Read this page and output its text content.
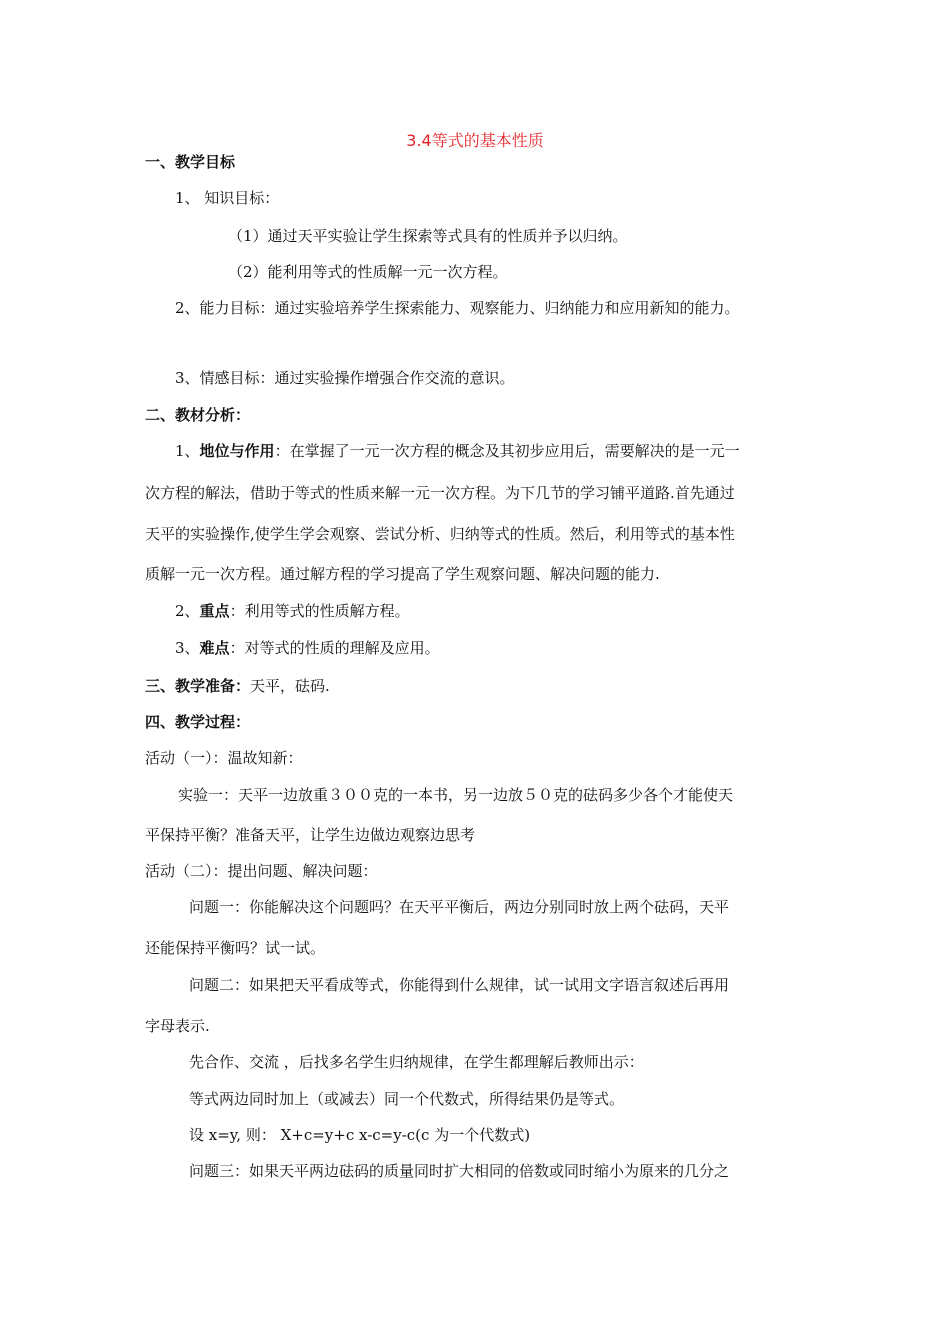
3.4等式的基本性质
一、教学目标
1、 知识目标：
（1）通过天平实验让学生探索等式具有的性质并予以归纳。
（2）能利用等式的性质解一元一次方程。
2、能力目标：通过实验培养学生探索能力、观察能力、归纳能力和应用新知的能力。
3、情感目标：通过实验操作增强合作交流的意识。
二、教材分析：
1、地位与作用：在掌握了一元一次方程的概念及其初步应用后，需要解决的是一元一
次方程的解法，借助于等式的性质来解一元一次方程。为下几节的学习铺平道路.首先通过
天平的实验操作,使学生学会观察、尝试分析、归纳等式的性质。然后，利用等式的基本性
质解一元一次方程。通过解方程的学习提高了学生观察问题、解决问题的能力.
2、重点：利用等式的性质解方程。
3、难点：对等式的性质的理解及应用。
三、教学准备：天平，砝码.
四、教学过程：
活动（一）：温故知新：
实验一：天平一边放重３００克的一本书，另一边放５０克的砝码多少各个才能使天
平保持平衡？准备天平，让学生边做边观察边思考
活动（二）：提出问题、解决问题：
问题一：你能解决这个问题吗？在天平平衡后，两边分别同时放上两个砝码，天平
还能保持平衡吗？试一试。
问题二：如果把天平看成等式，你能得到什么规律，试一试用文字语言叙述后再用
字母表示.
先合作、交流 ，后找多名学生归纳规律，在学生都理解后教师出示：
等式两边同时加上（或减去）同一个代数式，所得结果仍是等式。
设 x=y, 则： X+c=y+c x-c=y-c(c 为一个代数式)
问题三：如果天平两边砝码的质量同时扩大相同的倍数或同时缩小为原来的几分之
